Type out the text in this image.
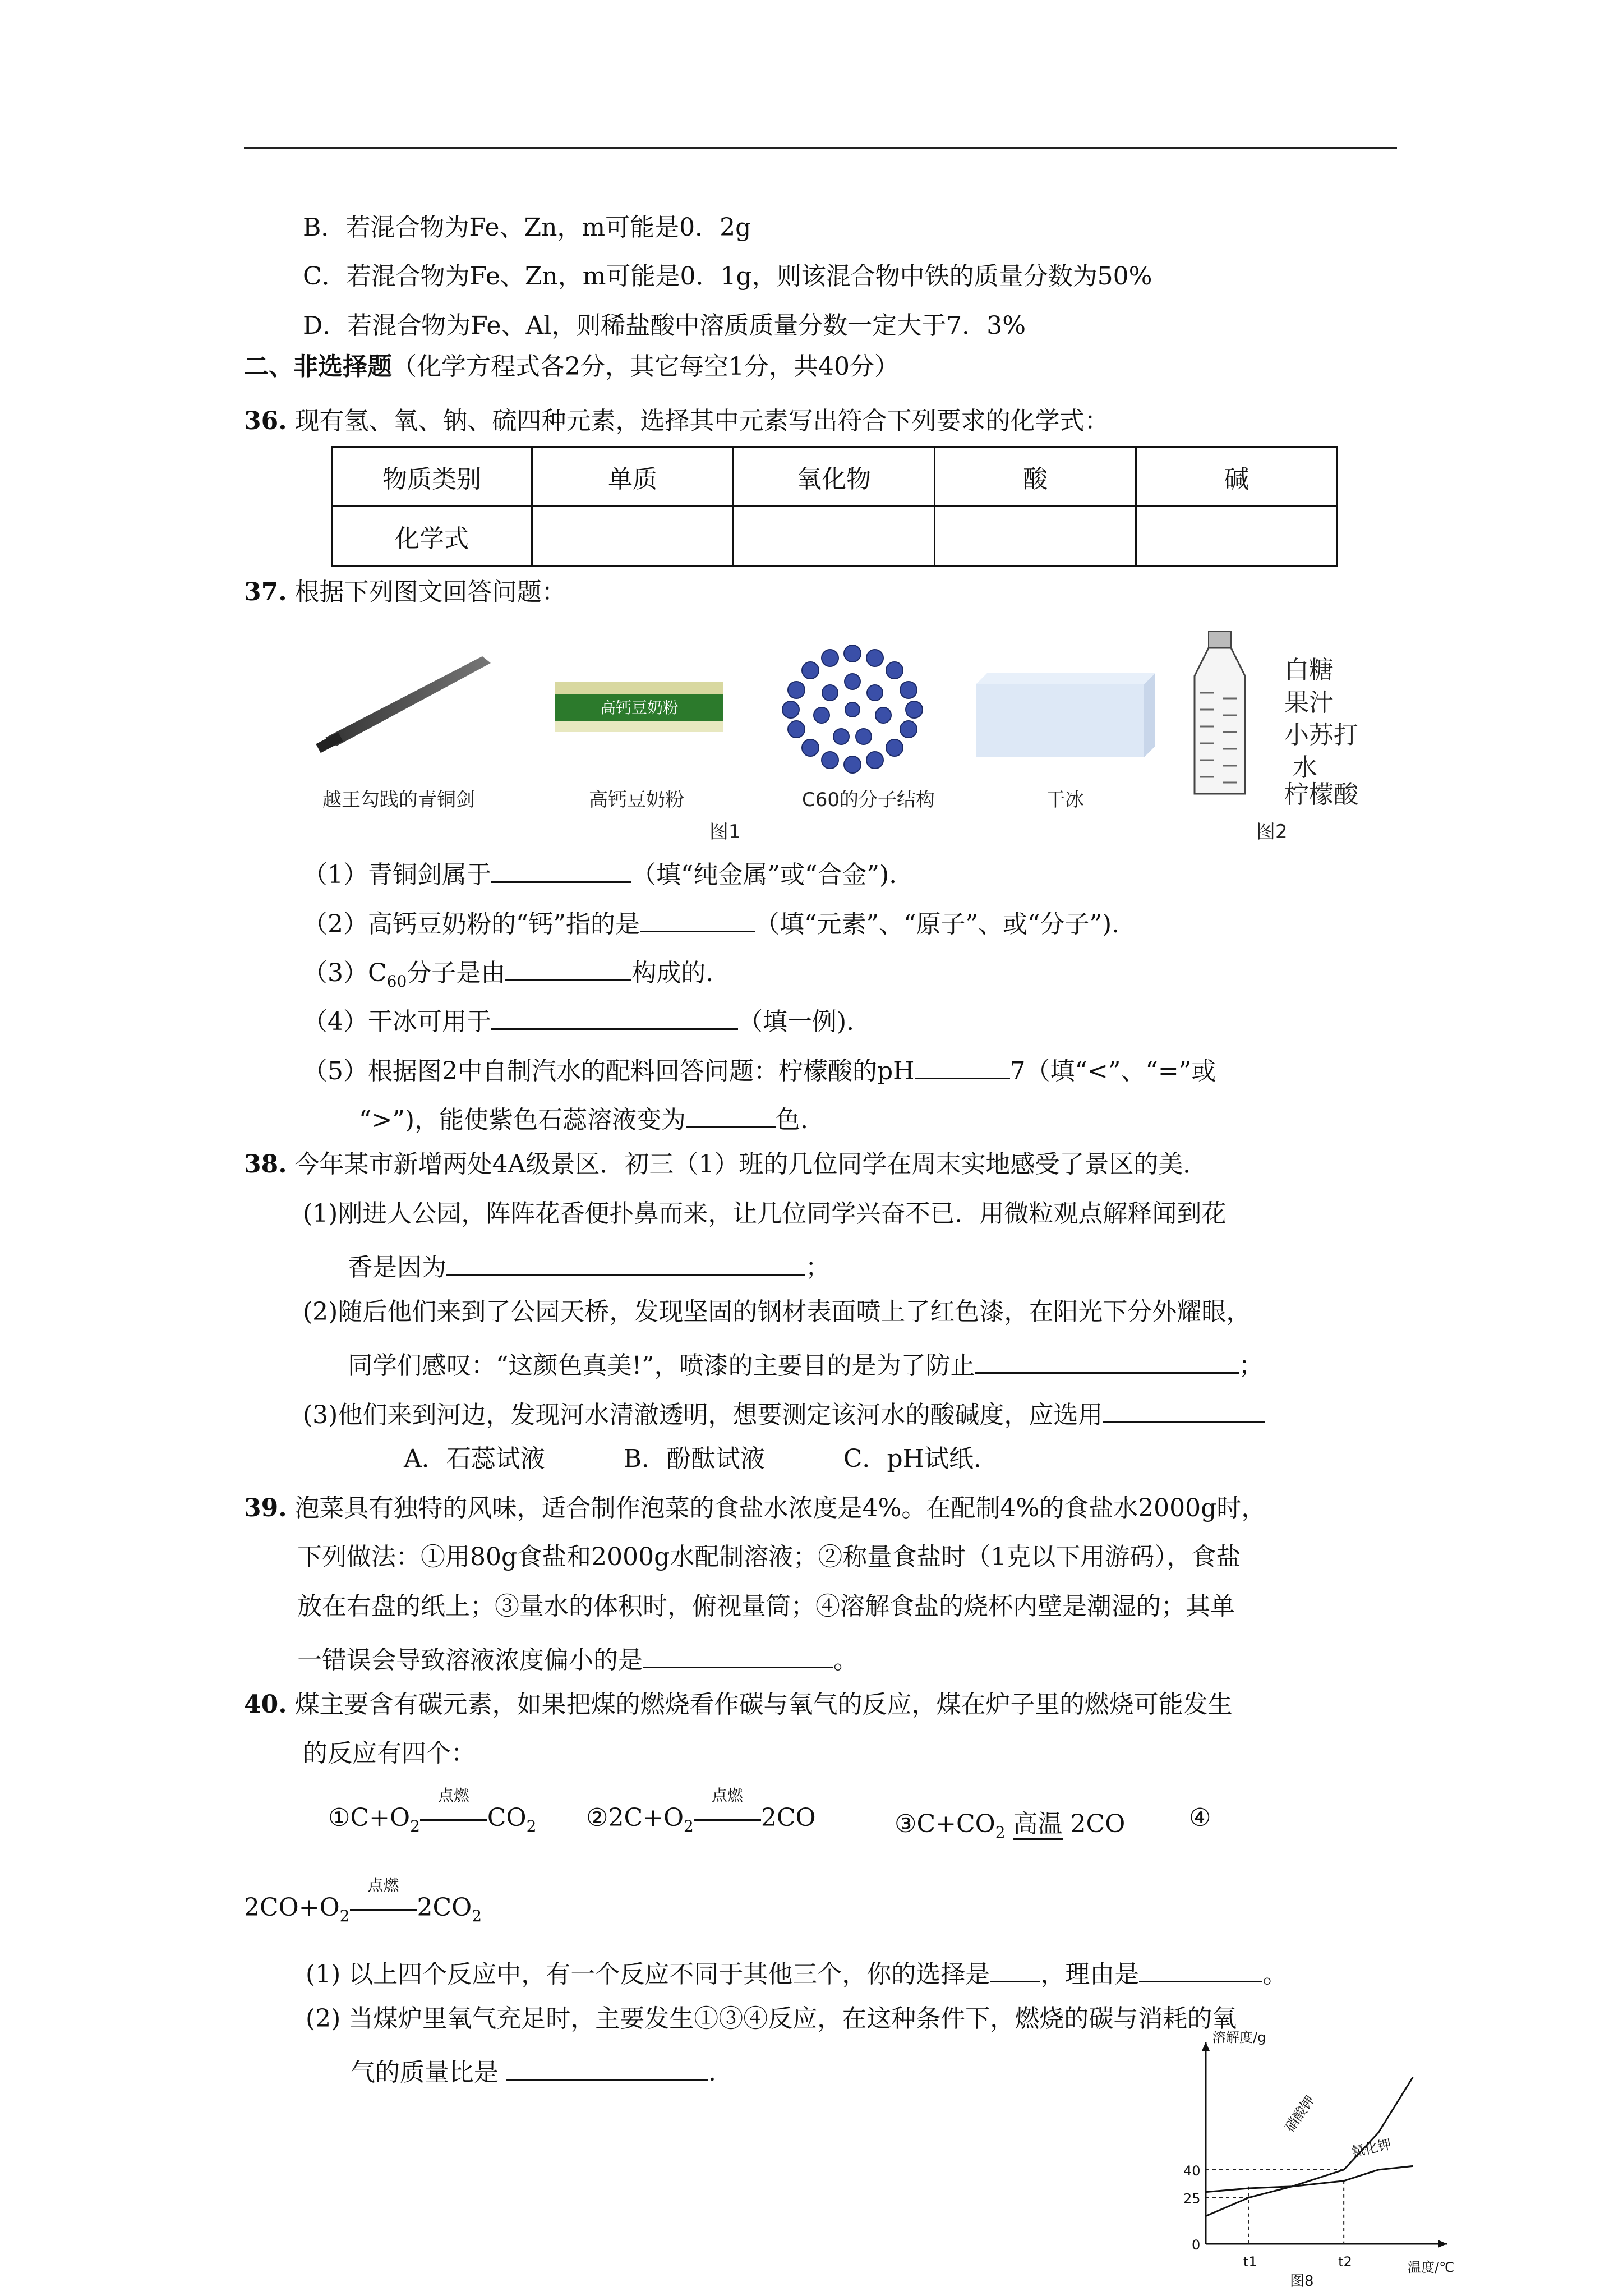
B．若混合物为Fe、Zn，m可能是0．2g
C．若混合物为Fe、Zn，m可能是0．1g，则该混合物中铁的质量分数为50%
D．若混合物为Fe、Al，则稀盐酸中溶质质量分数一定大于7．3%
二、非选择题（化学方程式各2分，其它每空1分，共40分）
36. 现有氢、氧、钠、硫四种元素，选择其中元素写出符合下列要求的化学式：
物质类别	单质	氧化物	酸	碱
化学式				
37. 根据下列图文回答问题：
高钙豆奶粉
白糖
果汁
小苏打
水
柠檬酸
越王勾践的青铜剑	高钙豆奶粉	C60的分子结构	干冰
图1	图2
（1）青铜剑属于	（填“纯金属”或“合金”).
（2）高钙豆奶粉的“钙”指的是	（填“元素”、“原子”、或“分子”).
$(3)C_{60}$分子是由	构成的.
（4）干冰可用于	（填一例).
（5）根据图2中自制汽水的配料回答问题：柠檬酸的pH	7（填“<”、“=”或
“>”)，能使紫色石蕊溶液变为	色.
38. 今年某市新增两处4A级景区．初三（1）班的几位同学在周末实地感受了景区的美．
(1)刚进人公园，阵阵花香便扑鼻而来，让几位同学兴奋不已．用微粒观点解释闻到花
香是因为	；
(2)随后他们来到了公园天桥，发现坚固的钢材表面喷上了红色漆，在阳光下分外耀眼，
同学们感叹：“这颜色真美!”，喷漆的主要目的是为了防止	；
(3)他们来到河边，发现河水清澈透明，想要测定该河水的酸碱度，应选用
A．石蕊试液          B．酚酞试液          C．pH试纸．
39. 泡菜具有独特的风味，适合制作泡菜的食盐水浓度是4%。在配制4%的食盐水2000g时，
下列做法：①用80g食盐和2000g水配制溶液；②称量食盐时（1克以下用游码），食盐
放在右盘的纸上；③量水的体积时，俯视量筒；④溶解食盐的烧杯内壁是潮湿的；其单
一错误会导致溶液浓度偏小的是	。
40. 煤主要含有碳元素，如果把煤的燃烧看作碳与氧气的反应，煤在炉子里的燃烧可能发生
的反应有四个：
$①C+O_2$
点燃
$CO_2$ $②2C+O_2$
点燃
2CO	$③C+CO_2$ 高温 2CO	④
$2CO+O_2$
点燃
$2CO_2$
(1) 以上四个反应中，有一个反应不同于其他三个，你的选择是 ，理由是	。
(2) 当煤炉里氧气充足时，主要发生①③④反应，在这种条件下，燃烧的碳与消耗的氧
气的质量比是	.
溶解度/g
温度/℃
0
25
40
t1	t2
硝酸钾
氯化钾
图8
